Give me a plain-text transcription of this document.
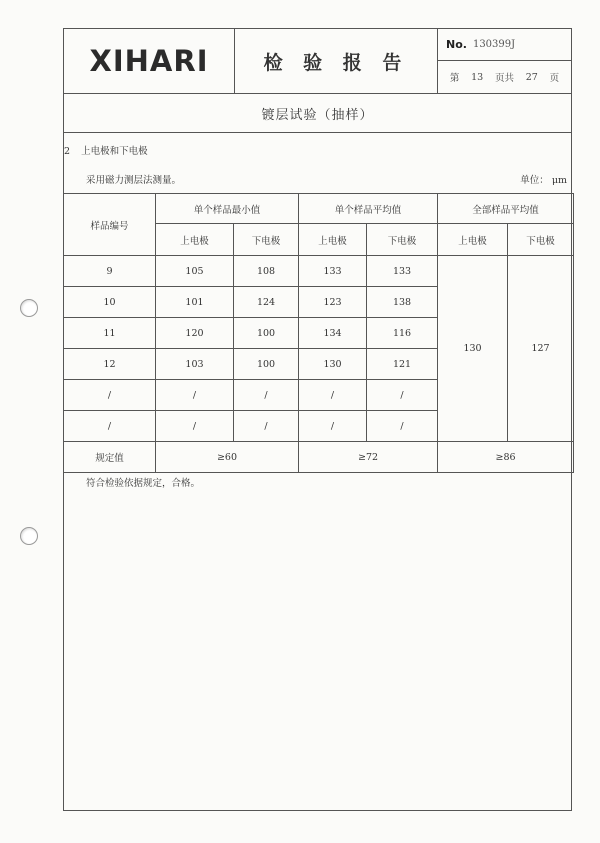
XIHARI	检 验 报 告
No. 130399J
第 13 页共 27 页
镀层试验（抽样）
2 上电极和下电极
采用磁力测层法测量。	单位： μm
样品编号	单个样品最小值		单个样品平均值		全部样品平均值	
	上电极	下电极	上电极	下电极	上电极	下电极
9	105	108	133	133	130	127
10	101	124	123	138		
11	120	100	134	116		
12	103	100	130	121		
/	/	/	/	/		
/	/	/	/	/		
规定值	≥60		≥72		≥86	
符合检验依据规定，合格。
